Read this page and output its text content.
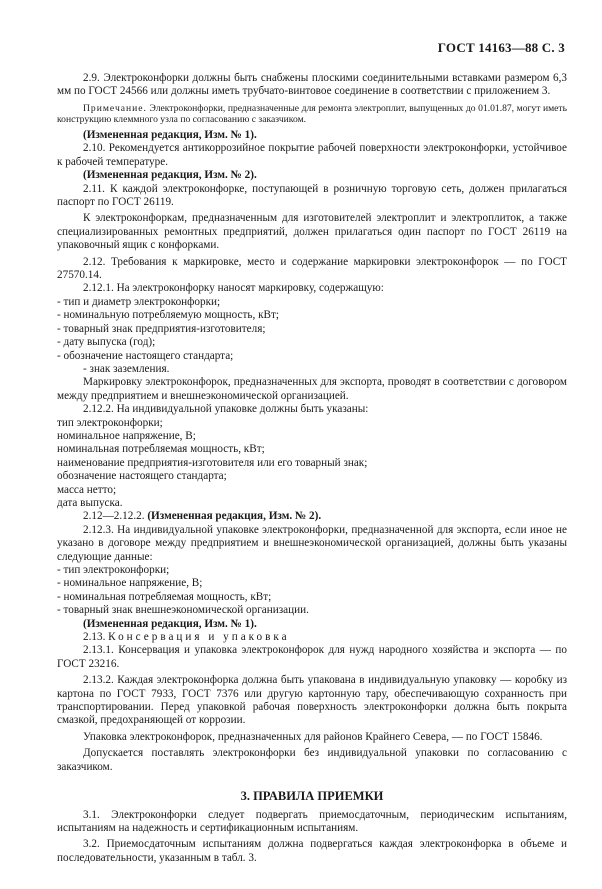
ГОСТ 14163—88 С. 3

2.9. Электроконфорки должны быть снабжены плоскими соединительными вставками размером 6,3 мм по ГОСТ 24566 или должны иметь трубчато-винтовое соединение в соответствии с приложением 3.

Примечание. Электроконфорки, предназначенные для ремонта электроплит, выпущенных до 01.01.87, могут иметь конструкцию клеммного узла по согласованию с заказчиком.

(Измененная редакция, Изм. № 1).

2.10. Рекомендуется антикоррозийное покрытие рабочей поверхности электроконфорки, устойчивое к рабочей температуре.

(Измененная редакция, Изм. № 2).

2.11. К каждой электроконфорке, поступающей в розничную торговую сеть, должен прилагаться паспорт по ГОСТ 26119.

К электроконфоркам, предназначенным для изготовителей электроплит и электроплиток, а также специализированных ремонтных предприятий, должен прилагаться один паспорт по ГОСТ 26119 на упаковочный ящик с конфорками.

2.12. Требования к маркировке, место и содержание маркировки электроконфорок — по ГОСТ 27570.14.

2.12.1. На электроконфорку наносят маркировку, содержащую:

- тип и диаметр электроконфорки;

- номинальную потребляемую мощность, кВт;

- товарный знак предприятия-изготовителя;

- дату выпуска (год);

- обозначение настоящего стандарта;

- знак заземления.

Маркировку электроконфорок, предназначенных для экспорта, проводят в соответствии с договором между предприятием и внешнеэкономической организацией.

2.12.2. На индивидуальной упаковке должны быть указаны:

тип электроконфорки;

номинальное напряжение, В;

номинальная потребляемая мощность, кВт;

наименование предприятия-изготовителя или его товарный знак;

обозначение настоящего стандарта;

масса нетто;

дата выпуска.

2.12—2.12.2. (Измененная редакция, Изм. № 2).

2.12.3. На индивидуальной упаковке электроконфорки, предназначенной для экспорта, если иное не указано в договоре между предприятием и внешнеэкономической организацией, должны быть указаны следующие данные:

- тип электроконфорки;

- номинальное напряжение, В;

- номинальная потребляемая мощность, кВт;

- товарный знак внешнеэкономической организации.

(Измененная редакция, Изм. № 1).

2.13. Консервация и упаковка

2.13.1. Консервация и упаковка электроконфорок для нужд народного хозяйства и экспорта — по ГОСТ 23216.

2.13.2. Каждая электроконфорка должна быть упакована в индивидуальную упаковку — коробку из картона по ГОСТ 7933, ГОСТ 7376 или другую картонную тару, обеспечивающую сохранность при транспортировании. Перед упаковкой рабочая поверхность электроконфорки должна быть покрыта смазкой, предохраняющей от коррозии.

Упаковка электроконфорок, предназначенных для районов Крайнего Севера, — по ГОСТ 15846.

Допускается поставлять электроконфорки без индивидуальной упаковки по согласованию с заказчиком.

3. ПРАВИЛА ПРИЕМКИ

3.1. Электроконфорки следует подвергать приемосдаточным, периодическим испытаниям, испытаниям на надежность и сертификационным испытаниям.

3.2. Приемосдаточным испытаниям должна подвергаться каждая электроконфорка в объеме и последовательности, указанным в табл. 3.
